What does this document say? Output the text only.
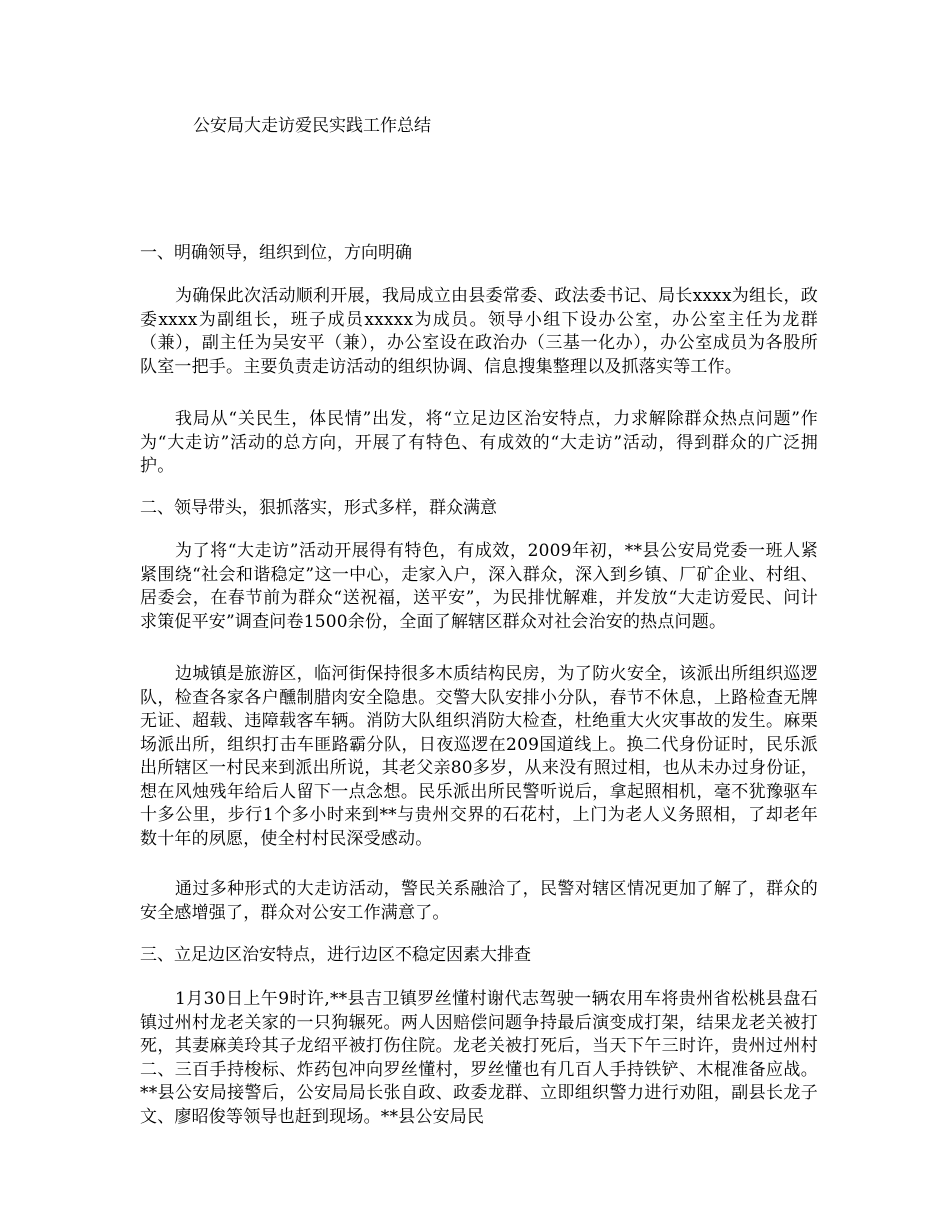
公安局大走访爱民实践工作总结
一、明确领导，组织到位，方向明确
为确保此次活动顺利开展，我局成立由县委常委、政法委书记、局长xxxx为组长，政委xxxx为副组长，班子成员xxxxx为成员。领导小组下设办公室，办公室主任为龙群（兼），副主任为吴安平（兼），办公室设在政治办（三基一化办），办公室成员为各股所队室一把手。主要负责走访活动的组织协调、信息搜集整理以及抓落实等工作。
我局从“关民生，体民情”出发，将“立足边区治安特点，力求解除群众热点问题”作为“大走访”活动的总方向，开展了有特色、有成效的“大走访”活动，得到群众的广泛拥护。
二、领导带头，狠抓落实，形式多样，群众满意
为了将“大走访”活动开展得有特色，有成效，2009年初，**县公安局党委一班人紧紧围绕“社会和谐稳定”这一中心，走家入户，深入群众，深入到乡镇、厂矿企业、村组、居委会，在春节前为群众“送祝福，送平安”，为民排忧解难，并发放“大走访爱民、问计求策促平安”调查问卷1500余份，全面了解辖区群众对社会治安的热点问题。
边城镇是旅游区，临河街保持很多木质结构民房，为了防火安全，该派出所组织巡逻队，检查各家各户醺制腊肉安全隐患。交警大队安排小分队，春节不休息，上路检查无牌无证、超载、违障载客车辆。消防大队组织消防大检查，杜绝重大火灾事故的发生。麻栗场派出所，组织打击车匪路霸分队，日夜巡逻在209国道线上。换二代身份证时，民乐派出所辖区一村民来到派出所说，其老父亲80多岁，从来没有照过相，也从未办过身份证，想在风烛残年给后人留下一点念想。民乐派出所民警听说后，拿起照相机，毫不犹豫驱车十多公里，步行1个多小时来到**与贵州交界的石花村，上门为老人义务照相，了却老年数十年的夙愿，使全村村民深受感动。
通过多种形式的大走访活动，警民关系融洽了，民警对辖区情况更加了解了，群众的安全感增强了，群众对公安工作满意了。
三、立足边区治安特点，进行边区不稳定因素大排查
1月30日上午9时许,**县吉卫镇罗丝懂村谢代志驾驶一辆农用车将贵州省松桃县盘石镇过州村龙老关家的一只狗辗死。两人因赔偿问题争持最后演变成打架，结果龙老关被打死，其妻麻美玲其子龙绍平被打伤住院。龙老关被打死后，当天下午三时许，贵州过州村二、三百手持梭标、炸药包冲向罗丝懂村，罗丝懂也有几百人手持铁铲、木棍准备应战。**县公安局接警后，公安局局长张自政、政委龙群、立即组织警力进行劝阻，副县长龙子文、廖昭俊等领导也赶到现场。**县公安局民
